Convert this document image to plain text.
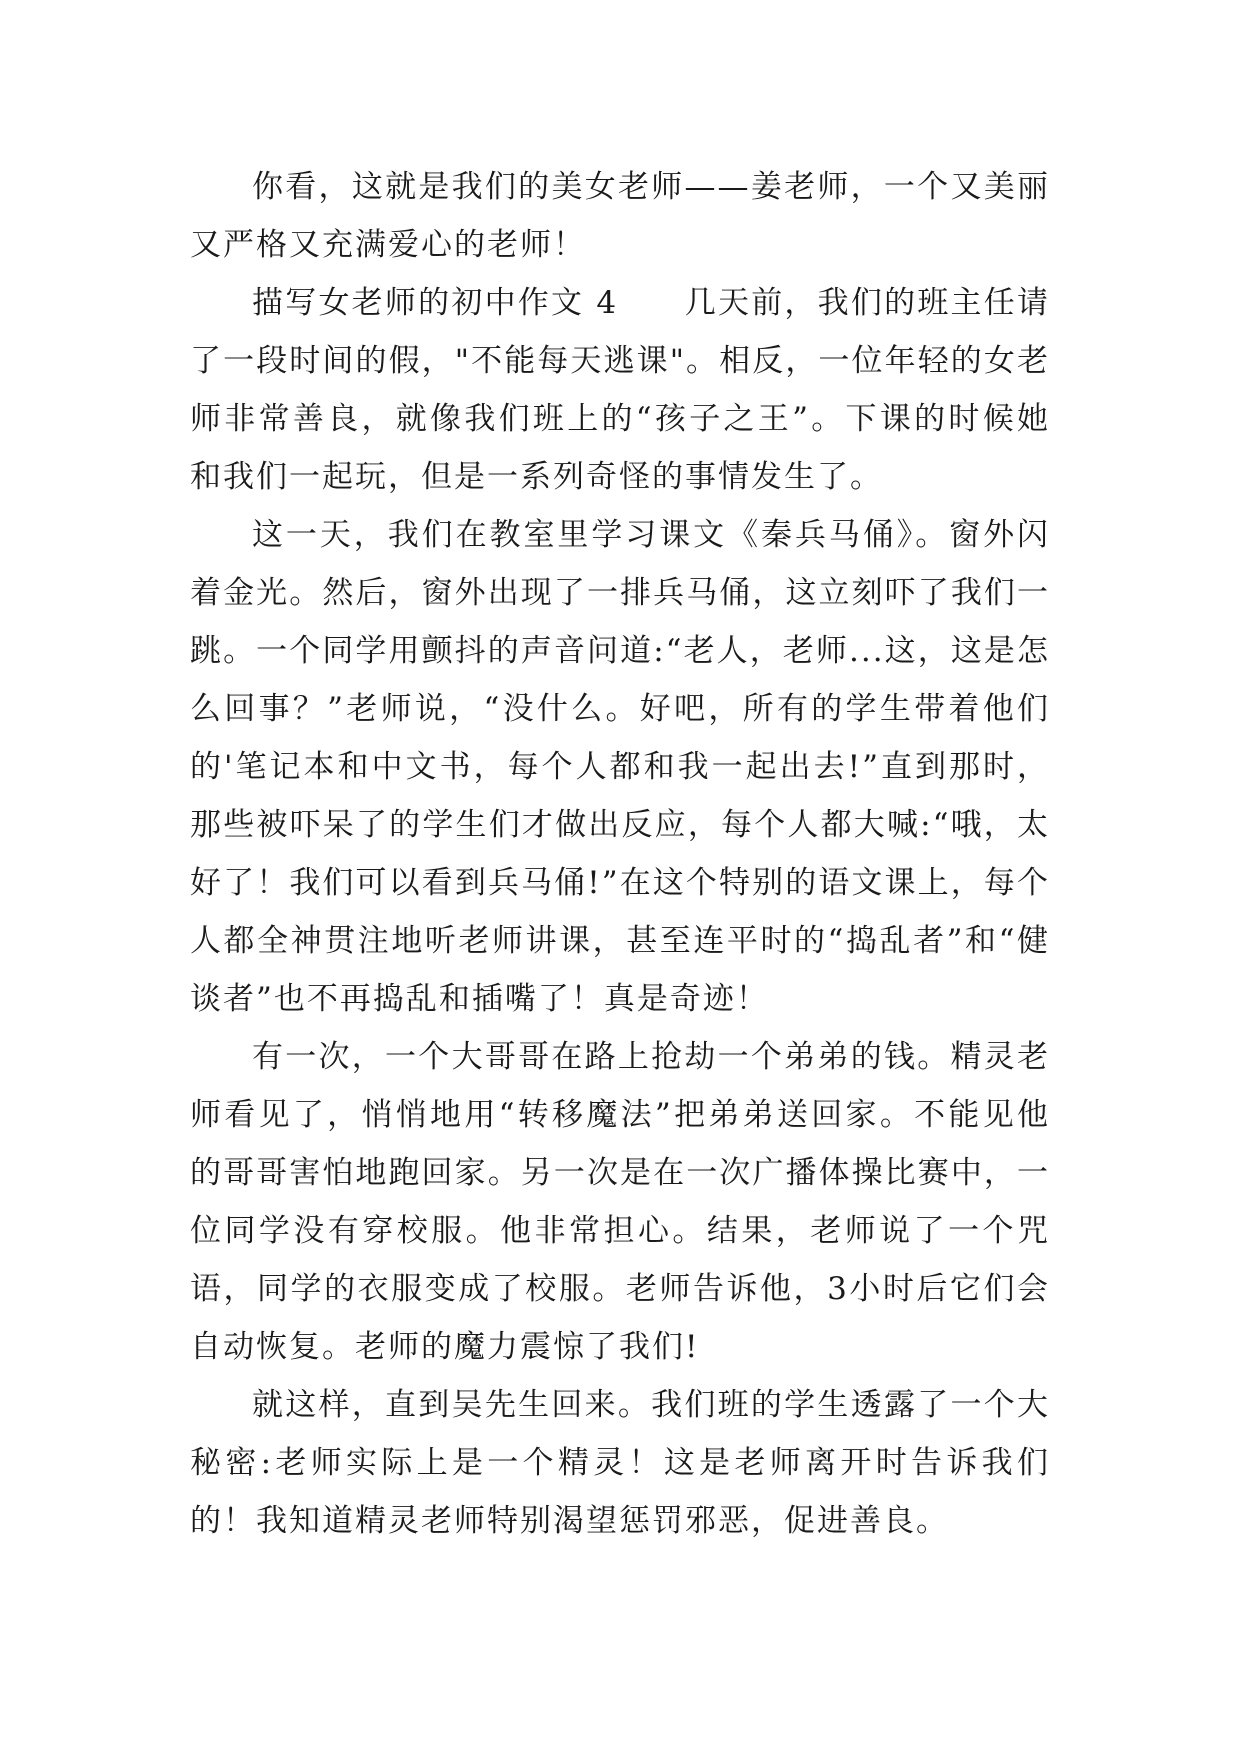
你看，这就是我们的美女老师——姜老师，一个又美丽又严格又充满爱心的老师！

描写女老师的初中作文 4　　几天前，我们的班主任请了一段时间的假，"不能每天逃课"。相反，一位年轻的女老师非常善良，就像我们班上的“孩子之王”。下课的时候她和我们一起玩，但是一系列奇怪的事情发生了。

这一天，我们在教室里学习课文《秦兵马俑》。窗外闪着金光。然后，窗外出现了一排兵马俑，这立刻吓了我们一跳。一个同学用颤抖的声音问道:“老人，老师...这，这是怎么回事？”老师说，“没什么。好吧，所有的学生带着他们的'笔记本和中文书，每个人都和我一起出去!”直到那时，那些被吓呆了的学生们才做出反应，每个人都大喊:“哦，太好了！我们可以看到兵马俑!”在这个特别的语文课上，每个人都全神贯注地听老师讲课，甚至连平时的“捣乱者”和“健谈者”也不再捣乱和插嘴了！真是奇迹！

有一次，一个大哥哥在路上抢劫一个弟弟的钱。精灵老师看见了，悄悄地用“转移魔法”把弟弟送回家。不能见他的哥哥害怕地跑回家。另一次是在一次广播体操比赛中，一位同学没有穿校服。他非常担心。结果，老师说了一个咒语，同学的衣服变成了校服。老师告诉他，3小时后它们会自动恢复。老师的魔力震惊了我们!

就这样，直到吴先生回来。我们班的学生透露了一个大秘密:老师实际上是一个精灵！这是老师离开时告诉我们的！我知道精灵老师特别渴望惩罚邪恶，促进善良。
